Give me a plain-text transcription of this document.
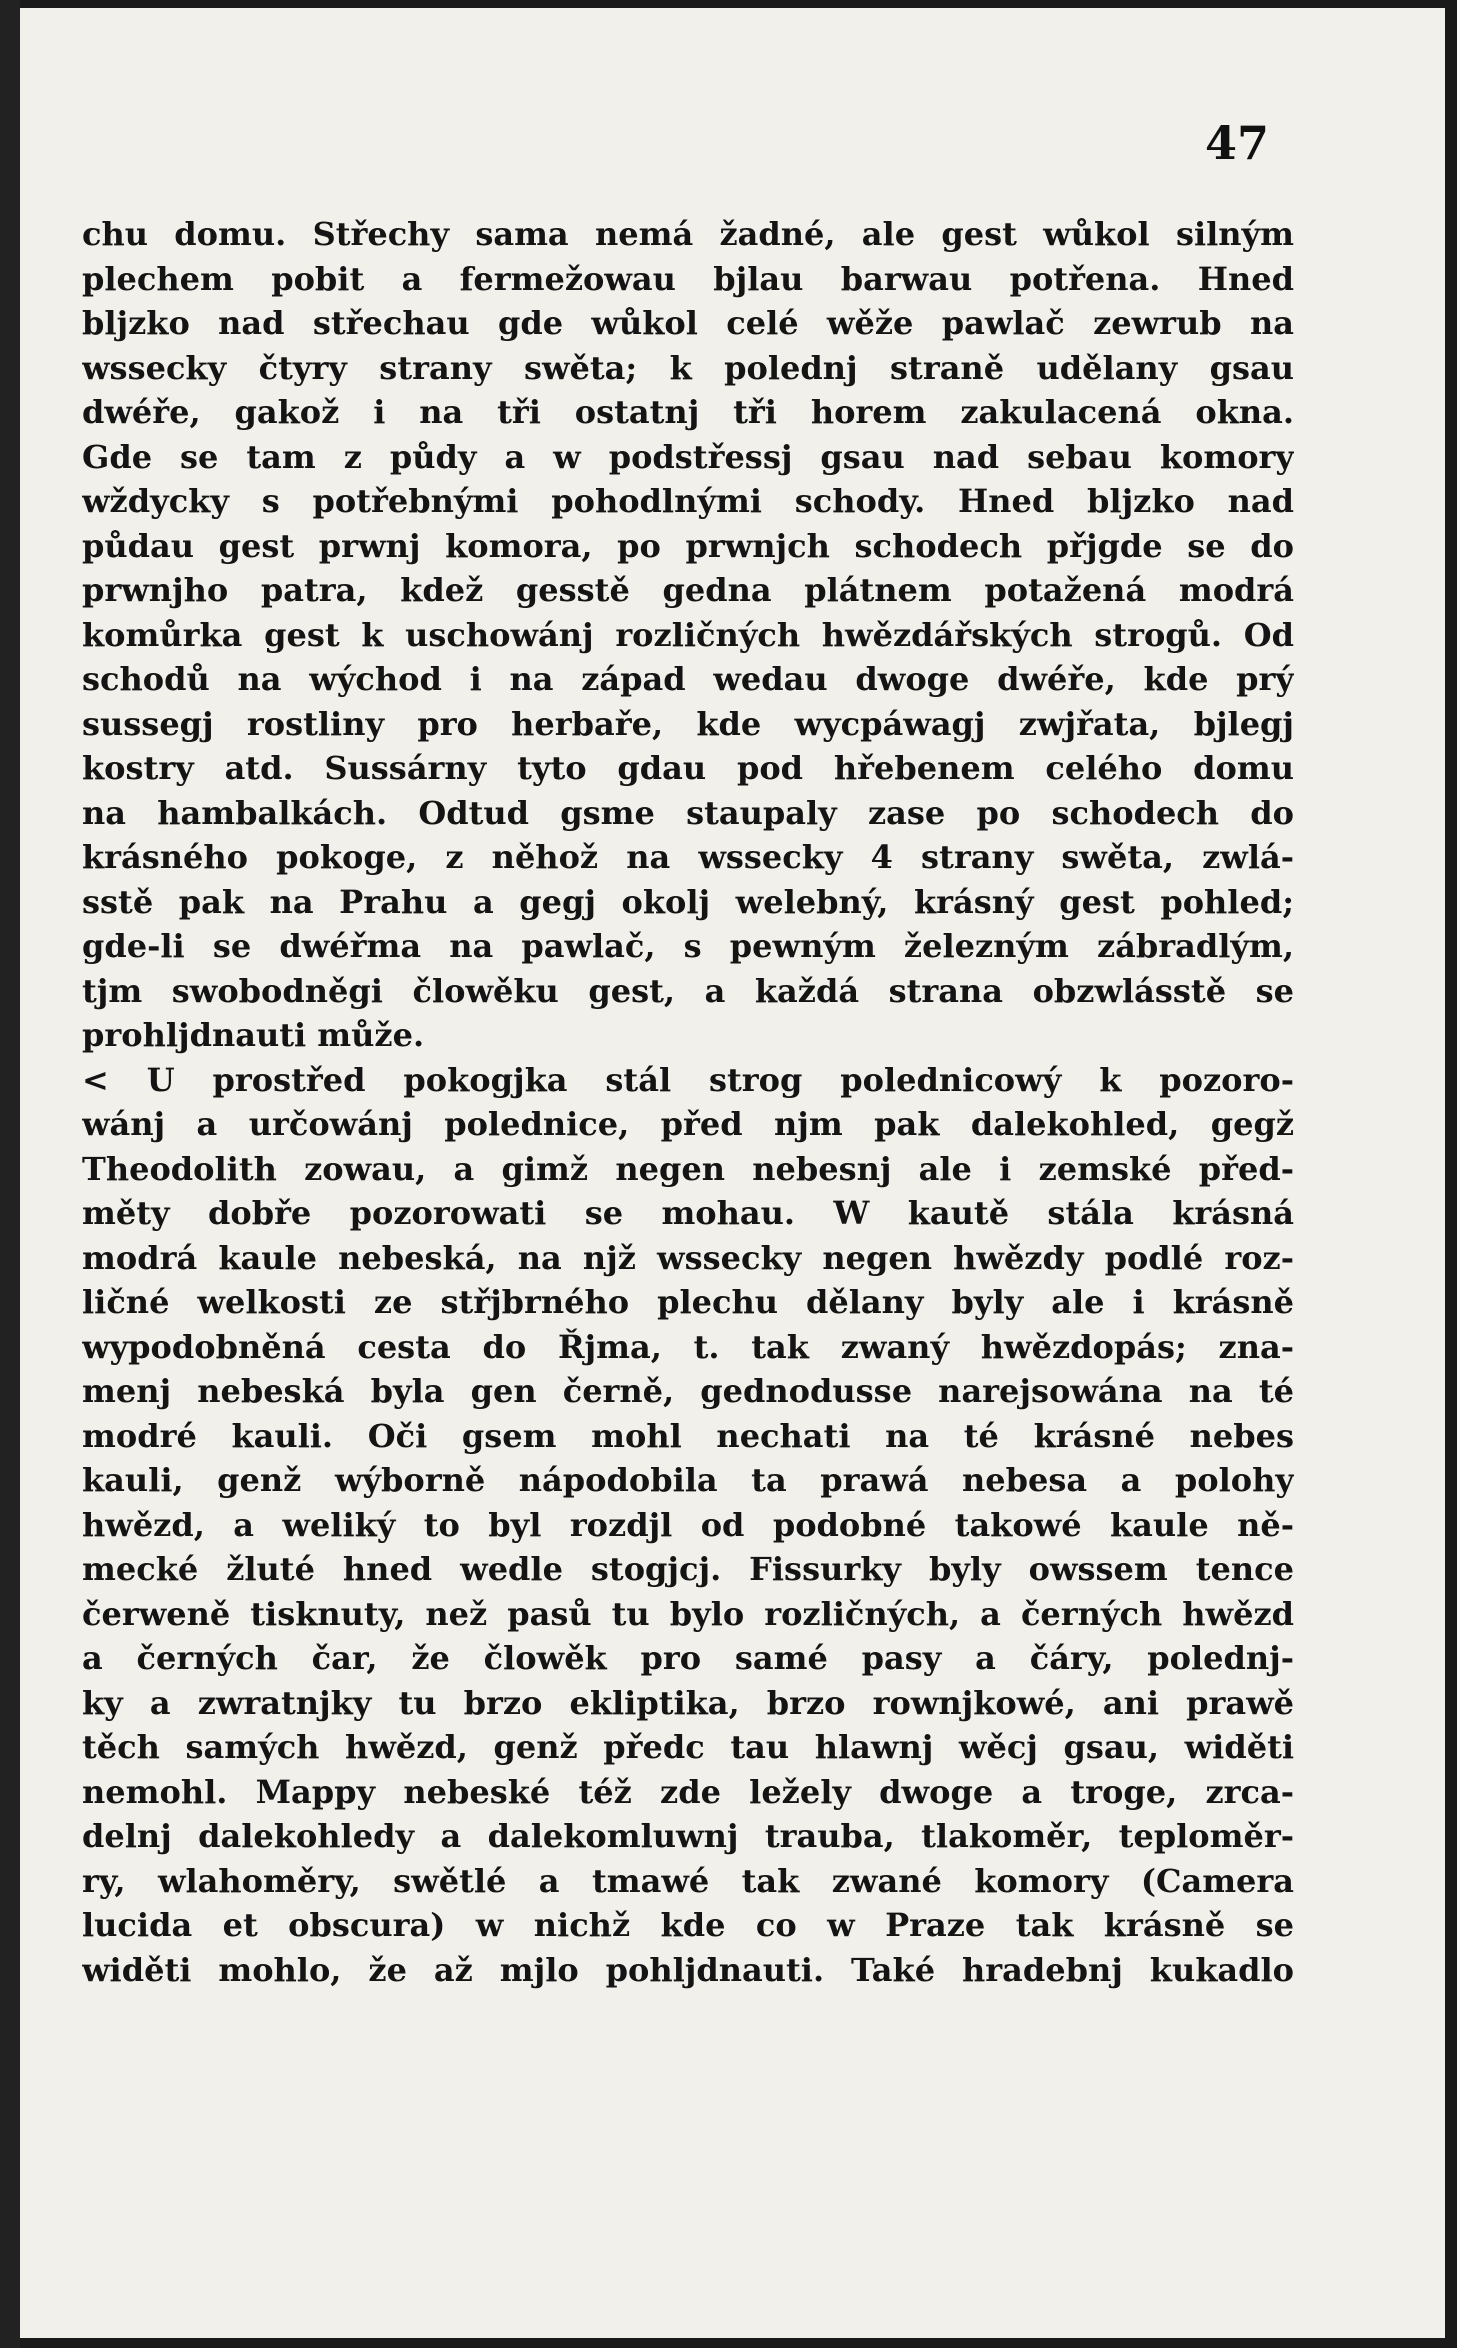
47
chu domu. Střechy sama nemá žadné, ale gest wůkol silným
plechem pobit a fermežowau bjlau barwau potřena. Hned
bljzko nad střechau gde wůkol celé wěže pawlač zewrub na
wssecky čtyry strany swěta; k polednj straně udělany gsau
dwéře, gakož i na tři ostatnj tři horem zakulacená okna.
Gde se tam z půdy a w podstřessj gsau nad sebau komory
wždycky s potřebnými pohodlnými schody. Hned bljzko nad
půdau gest prwnj komora, po prwnjch schodech přjgde se do
prwnjho patra, kdež gesstě gedna plátnem potažená modrá
komůrka gest k uschowánj rozličných hwězdářských strogů. Od
schodů na wýchod i na západ wedau dwoge dwéře, kde prý
sussegj rostliny pro herbaře, kde wycpáwagj zwjřata, bjlegj
kostry atd. Sussárny tyto gdau pod hřebenem celého domu
na hambalkách. Odtud gsme staupaly zase po schodech do
krásného pokoge, z něhož na wssecky 4 strany swěta, zwlá-
sstě pak na Prahu a gegj okolj welebný, krásný gest pohled;
gde-li se dwéřma na pawlač, s pewným železným zábradlým,
tjm swobodněgi člowěku gest, a každá strana obzwlásstě se
prohljdnauti může.
< U prostřed pokogjka stál strog polednicowý k pozoro-
wánj a určowánj polednice, před njm pak dalekohled, gegž
Theodolith zowau, a gimž negen nebesnj ale i zemské před-
měty dobře pozorowati se mohau. W kautě stála krásná
modrá kaule nebeská, na njž wssecky negen hwězdy podlé roz-
ličné welkosti ze střjbrného plechu dělany byly ale i krásně
wypodobněná cesta do Řjma, t. tak zwaný hwězdopás; zna-
menj nebeská byla gen černě, gednodusse narejsowána na té
modré kauli. Oči gsem mohl nechati na té krásné nebes
kauli, genž wýborně nápodobila ta prawá nebesa a polohy
hwězd, a weliký to byl rozdjl od podobné takowé kaule ně-
mecké žluté hned wedle stogjcj. Fissurky byly owssem tence
čerweně tisknuty, než pasů tu bylo rozličných, a černých hwězd
a černých čar, že člowěk pro samé pasy a čáry, polednj-
ky a zwratnjky tu brzo ekliptika, brzo rownjkowé, ani prawě
těch samých hwězd, genž předc tau hlawnj wěcj gsau, widěti
nemohl. Mappy nebeské též zde ležely dwoge a troge, zrca-
delnj dalekohledy a dalekomluwnj trauba, tlakoměr, teploměr-
ry, wlahoměry, swětlé a tmawé tak zwané komory (Camera
lucida et obscura) w nichž kde co w Praze tak krásně se
widěti mohlo, že až mjlo pohljdnauti. Také hradebnj kukadlo
